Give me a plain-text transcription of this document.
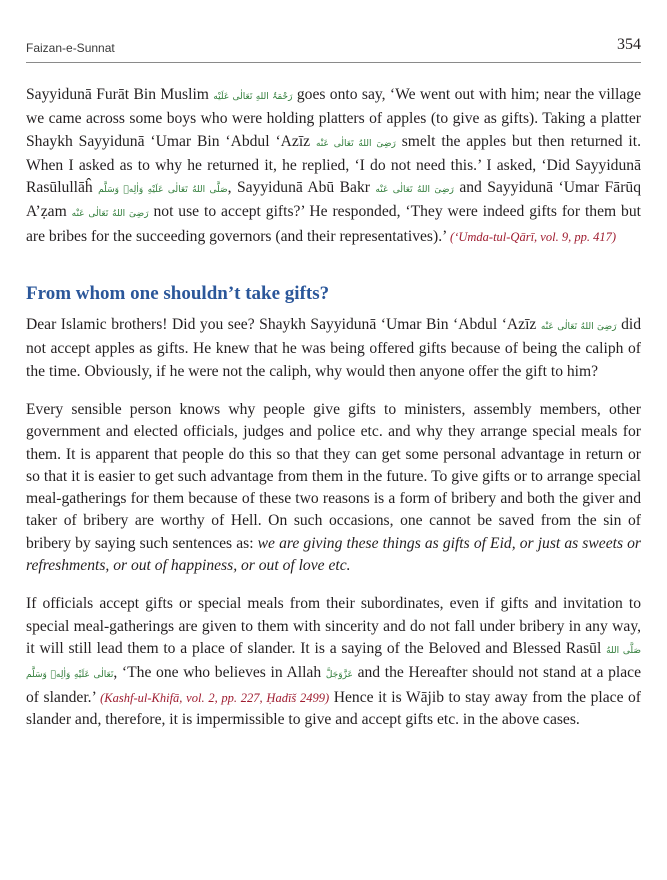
Faizan-e-Sunnat	354

Sayyidunā Furāt Bin Muslim رَحْمَۃُ اللهِ تَعَالٰی عَلَیْه goes onto say, ‘We went out with him; near the village we came across some boys who were holding platters of apples (to give as gifts). Taking a platter Shaykh Sayyidunā ‘Umar Bin ‘Abdul ‘Azīz رَضِیَ اللهُ تَعَالٰی عَنْه smelt the apples but then returned it. When I asked as to why he returned it, he replied, ‘I do not need this.’ I asked, ‘Did Sayyidunā Rasūlullāĥ صَلَّی اللهُ تَعَالٰی عَلَیْهِ وَاٰلِهٖ وَسَلَّم, Sayyidunā Abū Bakr رَضِیَ اللهُ تَعَالٰی عَنْه and Sayyidunā ‘Umar Fārūq A’ẓam رَضِیَ اللهُ تَعَالٰی عَنْه not use to accept gifts?’ He responded, ‘They were indeed gifts for them but are bribes for the succeeding governors (and their representatives).’ (‘Umda-tul-Qārī, vol. 9, pp. 417)

From whom one shouldn’t take gifts?

Dear Islamic brothers! Did you see? Shaykh Sayyidunā ‘Umar Bin ‘Abdul ‘Azīz رَضِیَ اللهُ تَعَالٰی عَنْه did not accept apples as gifts. He knew that he was being offered gifts because of being the caliph of the time. Obviously, if he were not the caliph, why would then anyone offer the gift to him?

Every sensible person knows why people give gifts to ministers, assembly members, other government and elected officials, judges and police etc. and why they arrange special meals for them. It is apparent that people do this so that they can get some personal advantage in return or so that it is easier to get such advantage from them in the future. To give gifts or to arrange special meal-gatherings for them because of these two reasons is a form of bribery and both the giver and taker of bribery are worthy of Hell. On such occasions, one cannot be saved from the sin of bribery by saying such sentences as: we are giving these things as gifts of Eid, or just as sweets or refreshments, or out of happiness, or out of love etc.

If officials accept gifts or special meals from their subordinates, even if gifts and invitation to special meal-gatherings are given to them with sincerity and do not fall under bribery in any way, it will still lead them to a place of slander. It is a saying of the Beloved and Blessed Rasūl صَلَّی اللهُ تَعَالٰی عَلَیْهِ وَاٰلِهٖ وَسَلَّم, ‘The one who believes in Allah عَزَّوَجَلَّ and the Hereafter should not stand at a place of slander.’ (Kashf-ul-Khifā, vol. 2, pp. 227, Ḥadīš 2499) Hence it is Wājib to stay away from the place of slander and, therefore, it is impermissible to give and accept gifts etc. in the above cases.
